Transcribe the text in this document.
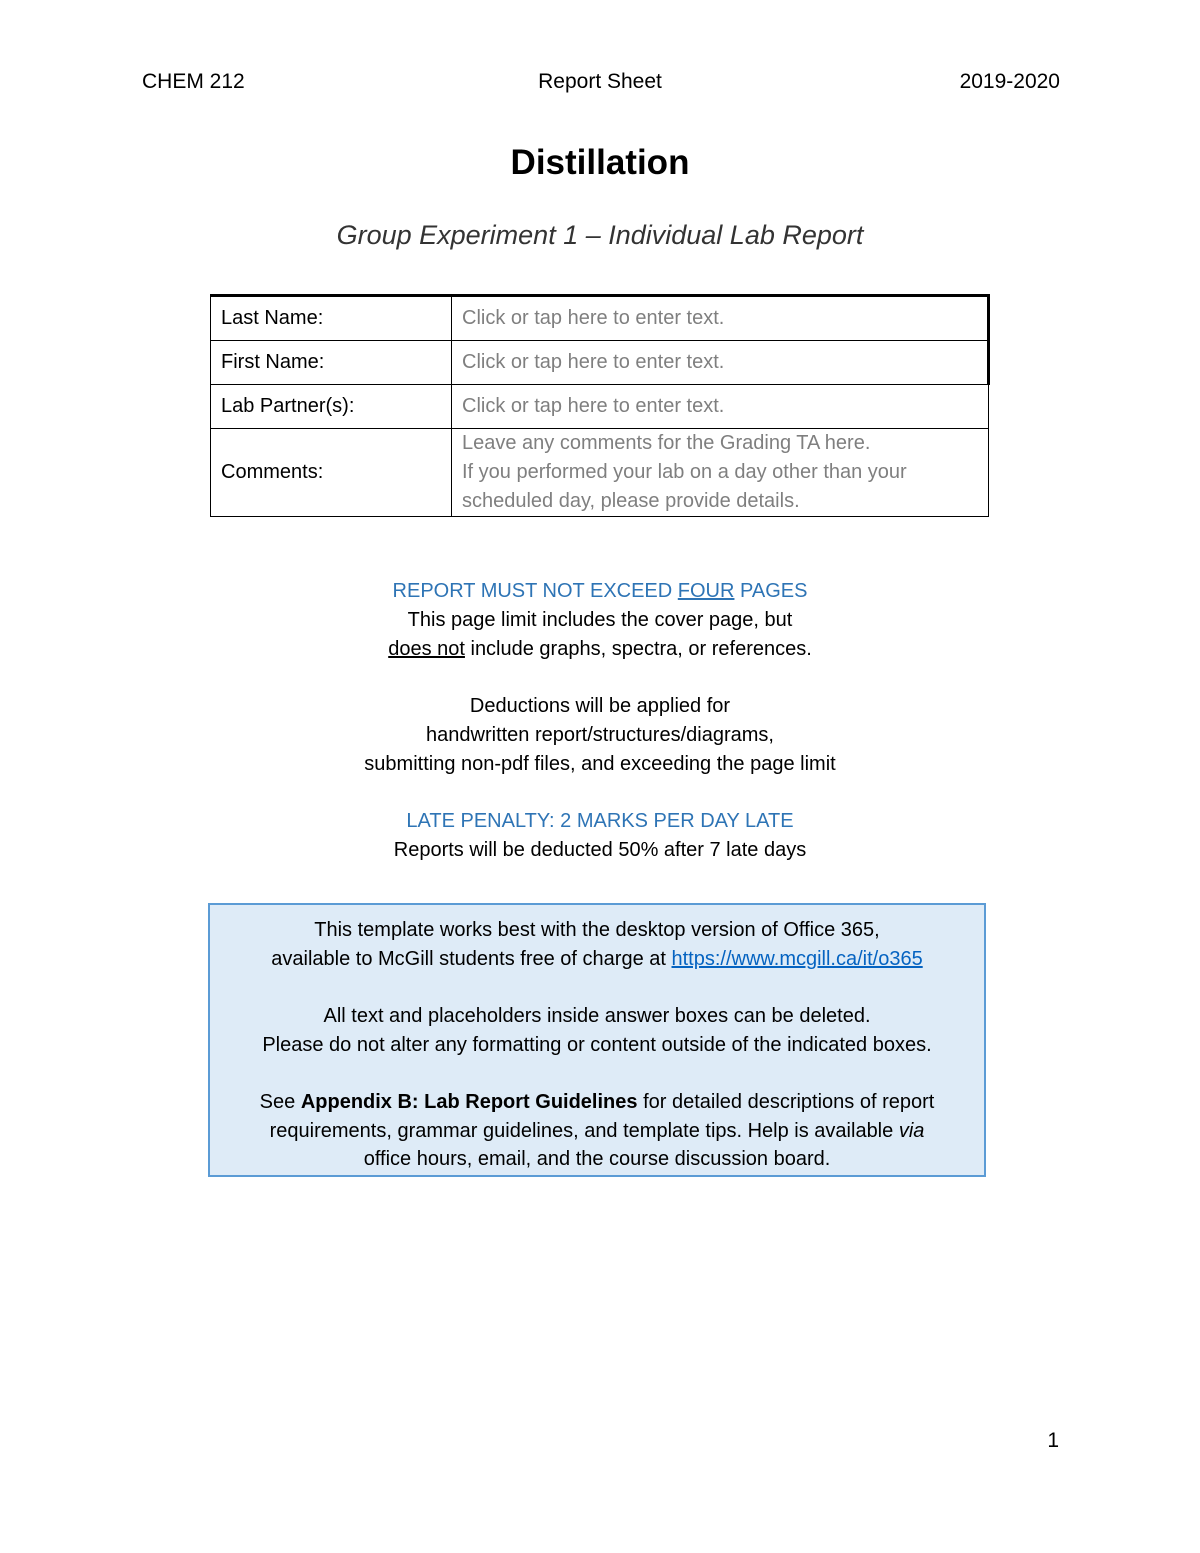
CHEM 212	Report Sheet	2019-2020
Distillation
Group Experiment 1 – Individual Lab Report
Last Name:	Click or tap here to enter text.
First Name:	Click or tap here to enter text.
Lab Partner(s):	Click or tap here to enter text.
Comments:	Leave any comments for the Grading TA here.
If you performed your lab on a day other than your
scheduled day, please provide details.
REPORT MUST NOT EXCEED FOUR PAGES
This page limit includes the cover page, but
does not include graphs, spectra, or references.
Deductions will be applied for
handwritten report/structures/diagrams,
submitting non-pdf files, and exceeding the page limit
LATE PENALTY: 2 MARKS PER DAY LATE
Reports will be deducted 50% after 7 late days
This template works best with the desktop version of Office 365,
available to McGill students free of charge at https://www.mcgill.ca/it/o365
All text and placeholders inside answer boxes can be deleted.
Please do not alter any formatting or content outside of the indicated boxes.
See Appendix B: Lab Report Guidelines for detailed descriptions of report
requirements, grammar guidelines, and template tips. Help is available via
office hours, email, and the course discussion board.
1
